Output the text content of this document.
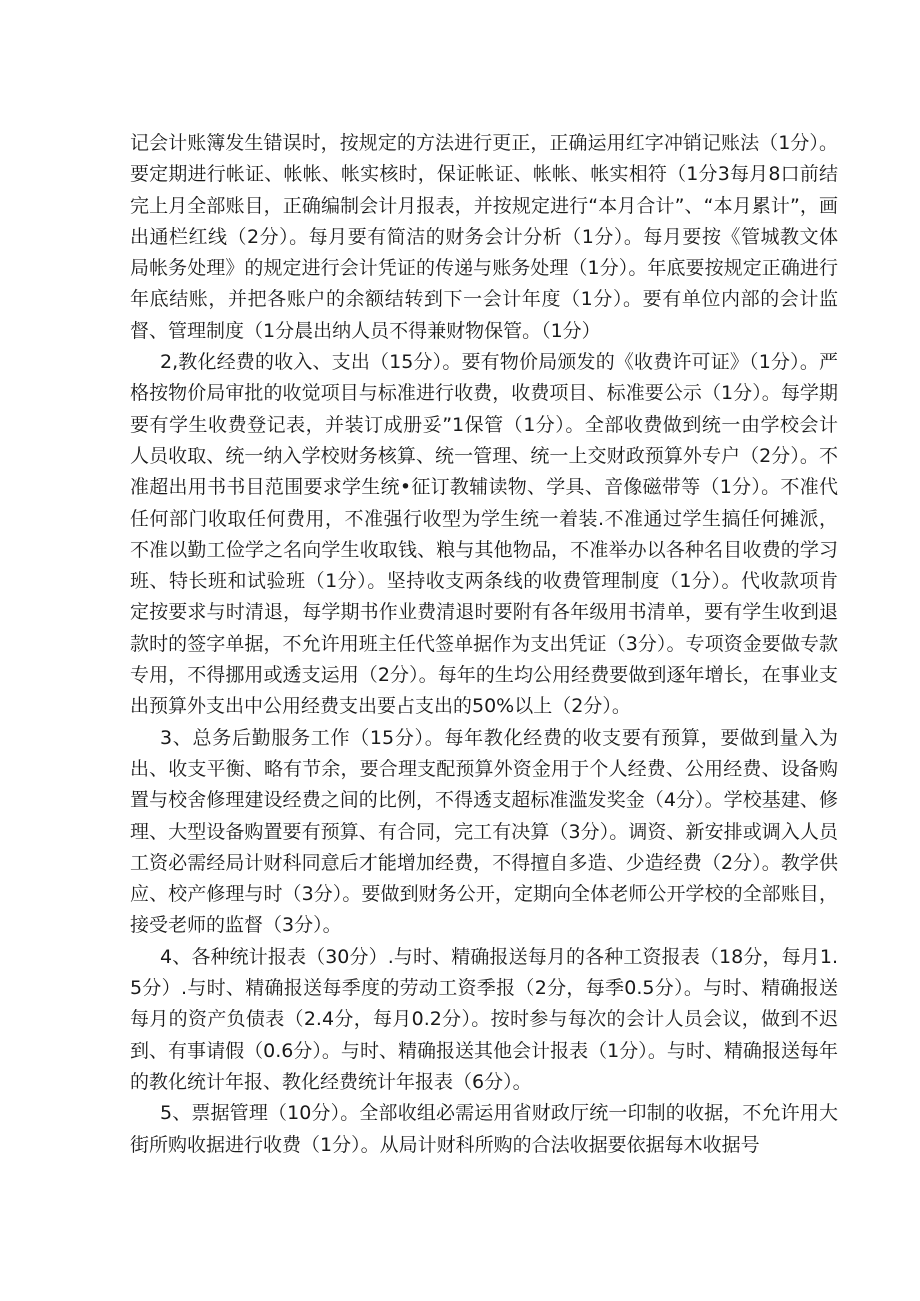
记会计账簿发生错误时，按规定的方法进行更正，正确运用红字冲销记账法（1分）。要定期进行帐证、帐帐、帐实核时，保证帐证、帐帐、帐实相符（1分3每月8口前结完上月全部账目，正确编制会计月报表，并按规定进行“本月合计”、“本月累计”，画出通栏红线（2分）。每月要有简洁的财务会计分析（1分）。每月要按《管城教文体局帐务处理》的规定进行会计凭证的传递与账务处理（1分）。年底要按规定正确进行年底结账，并把各账户的余额结转到下一会计年度（1分）。要有单位内部的会计监督、管理制度（1分晨出纳人员不得兼财物保管。（1分）

2,教化经费的收入、支出（15分）。要有物价局颁发的《收费许可证》（1分）。严格按物价局审批的收觉项目与标准进行收费，收费项目、标准要公示（1分）。每学期要有学生收费登记表，并装订成册妥”1保管（1分）。全部收费做到统一由学校会计人员收取、统一纳入学校财务核算、统一管理、统一上交财政预算外专户（2分）。不准超出用书书目范围要求学生统•征订教辅读物、学具、音像磁带等（1分）。不准代任何部门收取任何费用，不准强行收型为学生统一着装.不准通过学生搞任何摊派，不准以勤工俭学之名向学生收取钱、粮与其他物品，不准举办以各种名目收费的学习班、特长班和试验班（1分）。坚持收支两条线的收费管理制度（1分）。代收款项肯定按要求与时清退，每学期书作业费清退时要附有各年级用书清单，要有学生收到退款时的签字单据，不允许用班主任代签单据作为支出凭证（3分）。专项资金要做专款专用，不得挪用或透支运用（2分）。每年的生均公用经费要做到逐年增长，在事业支出预算外支出中公用经费支出要占支出的50%以上（2分）。

3、总务后勤服务工作（15分）。每年教化经费的收支要有预算，要做到量入为出、收支平衡、略有节余，要合理支配预算外资金用于个人经费、公用经费、设备购置与校舍修理建设经费之间的比例，不得透支超标准滥发奖金（4分）。学校基建、修理、大型设备购置要有预算、有合同，完工有决算（3分）。调资、新安排或调入人员工资必需经局计财科同意后才能增加经费，不得擅自多造、少造经费（2分）。教学供应、校产修理与时（3分）。要做到财务公开，定期向全体老师公开学校的全部账目，接受老师的监督（3分）。

4、各种统计报表（30分）.与时、精确报送每月的各种工资报表（18分，每月1.5分）.与时、精确报送每季度的劳动工资季报（2分，每季0.5分）。与时、精确报送每月的资产负债表（2.4分，每月0.2分）。按时参与每次的会计人员会议，做到不迟到、有事请假（0.6分）。与时、精确报送其他会计报表（1分）。与时、精确报送每年的教化统计年报、教化经费统计年报表（6分）。

5、票据管理（10分）。全部收组必需运用省财政厅统一印制的收据，不允许用大街所购收据进行收费（1分）。从局计财科所购的合法收据要依据每木收据号
